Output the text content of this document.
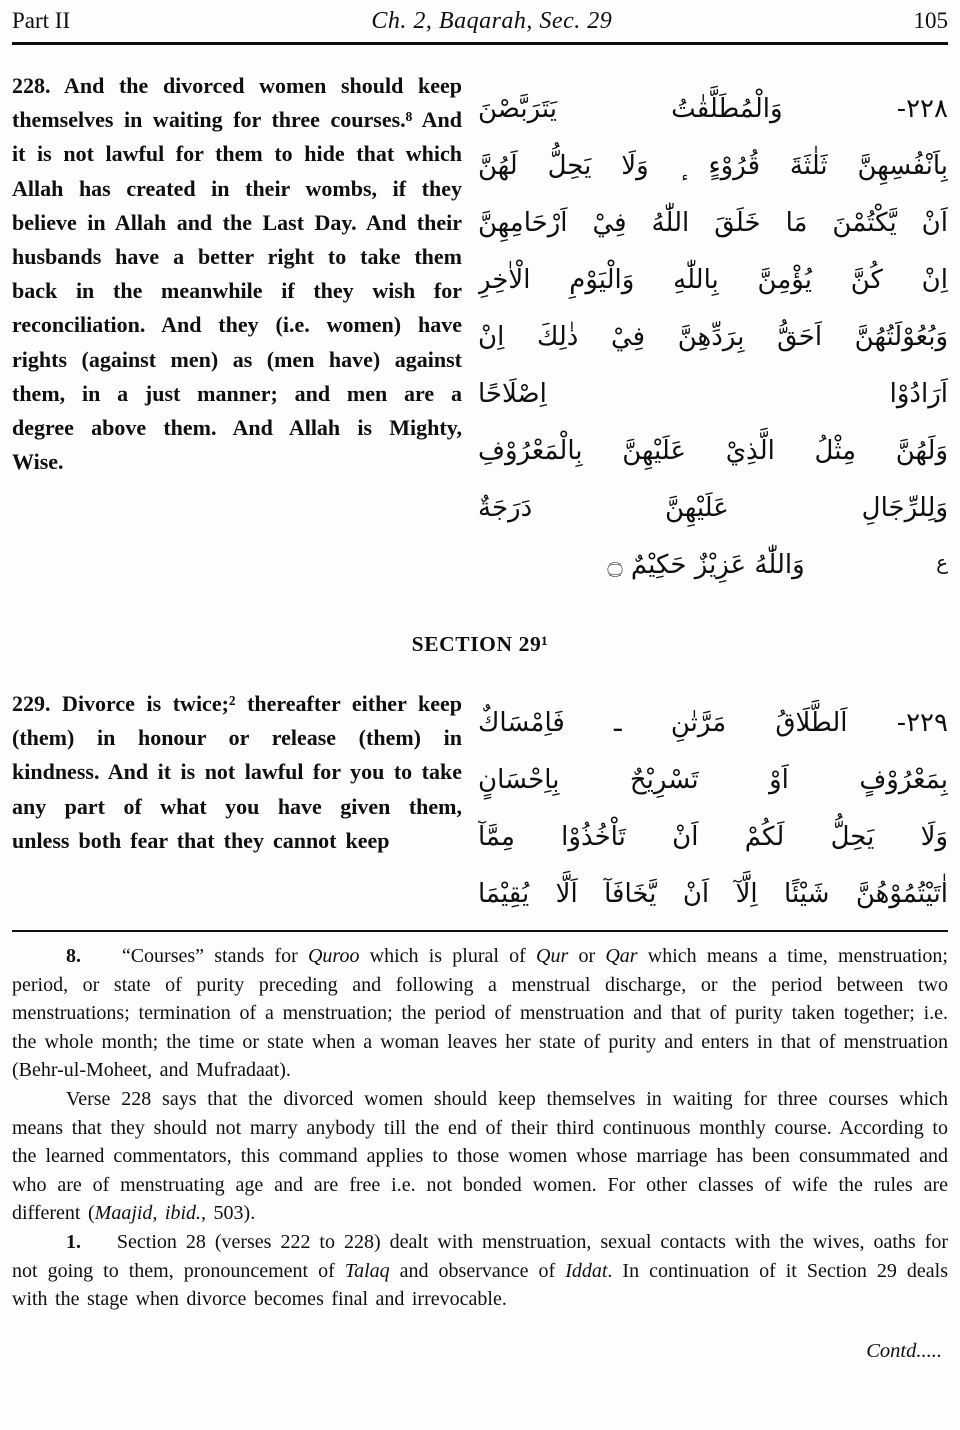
Part II	Ch. 2, Baqarah, Sec. 29	105

228. And the divorced women should keep themselves in waiting for three courses.⁸ And it is not lawful for them to hide that which Allah has created in their wombs, if they believe in Allah and the Last Day. And their husbands have a better right to take them back in the meanwhile if they wish for reconciliation. And they (i.e. women) have rights (against men) as (men have) against them, in a just manner; and men are a degree above them. And Allah is Mighty, Wise.

٢٢٨- وَالْمُطَلَّقٰتُ يَتَرَبَّصْنَ
بِاَنْفُسِهِنَّ ثَلٰثَةَ قُرُوْءٍ ٕ وَلَا يَحِلُّ لَهُنَّ
اَنْ يَّكْتُمْنَ مَا خَلَقَ اللّٰهُ فِيْ اَرْحَامِهِنَّ
اِنْ كُنَّ يُؤْمِنَّ بِاللّٰهِ وَالْيَوْمِ الْاٰخِرِ
وَبُعُوْلَتُهُنَّ اَحَقُّ بِرَدِّهِنَّ فِيْ ذٰلِكَ اِنْ
اَرَادُوْا اِصْلَاحًا
وَلَهُنَّ مِثْلُ الَّذِيْ عَلَيْهِنَّ بِالْمَعْرُوْفِ
وَلِلرِّجَالِ عَلَيْهِنَّ دَرَجَةٌ
ع
وَاللّٰهُ عَزِيْزٌ حَكِيْمٌ ۝
SECTION 29¹

229. Divorce is twice;² thereafter either keep (them) in honour or release (them) in kindness. And it is not lawful for you to take any part of what you have given them, unless both fear that they cannot keep

٢٢٩- اَلطَّلَاقُ مَرَّتٰنِ ـ فَاِمْسَاكٌ
بِمَعْرُوْفٍ اَوْ تَسْرِيْحٌ بِاِحْسَانٍ
وَلَا يَحِلُّ لَكُمْ اَنْ تَاْخُذُوْا مِمَّآ
اٰتَيْتُمُوْهُنَّ شَيْئًا اِلَّآ اَنْ يَّخَافَآ اَلَّا يُقِيْمَا

8.    “Courses” stands for Quroo which is plural of Qur or Qar which means a time, menstruation; period, or state of purity preceding and following a menstrual discharge, or the period between two menstruations; termination of a menstruation; the period of menstruation and that of purity taken together; i.e. the whole month; the time or state when a woman leaves her state of purity and enters in that of menstruation (Behr-ul-Moheet, and Mufradaat).

Verse 228 says that the divorced women should keep themselves in waiting for three courses which means that they should not marry anybody till the end of their third continuous monthly course. According to the learned commentators, this command applies to those women whose marriage has been consummated and who are of menstruating age and are free i.e. not bonded women. For other classes of wife the rules are different (Maajid, ibid., 503).

1.    Section 28 (verses 222 to 228) dealt with menstruation, sexual contacts with the wives, oaths for not going to them, pronouncement of Talaq and observance of Iddat. In continuation of it Section 29 deals with the stage when divorce becomes final and irrevocable.

Contd.....
